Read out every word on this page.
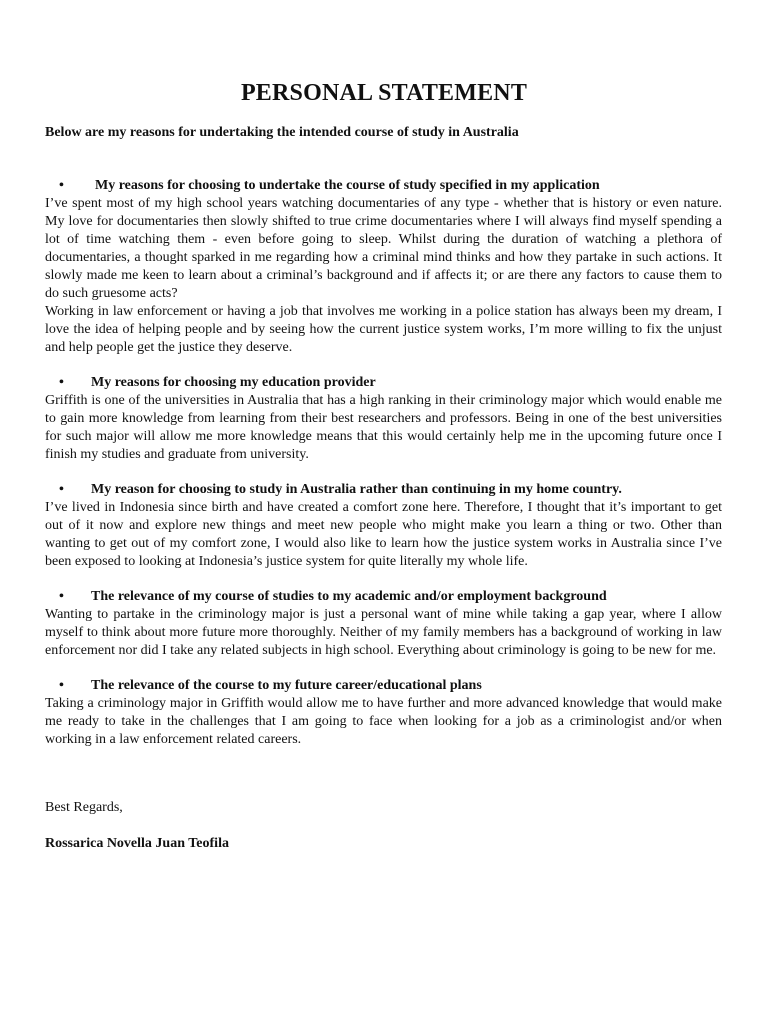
PERSONAL STATEMENT
Below are my reasons for undertaking the intended course of study in Australia
•	My reasons for choosing to undertake the course of study specified in my application
I’ve spent most of my high school years watching documentaries of any type - whether that is history or even nature. My love for documentaries then slowly shifted to true crime documentaries where I will always find myself spending a lot of time watching them - even before going to sleep. Whilst during the duration of watching a plethora of documentaries, a thought sparked in me regarding how a criminal mind thinks and how they partake in such actions. It slowly made me keen to learn about a criminal’s background and if affects it; or are there any factors to cause them to do such gruesome acts?
Working in law enforcement or having a job that involves me working in a police station has always been my dream, I love the idea of helping people and by seeing how the current justice system works, I’m more willing to fix the unjust and help people get the justice they deserve.
•	My reasons for choosing my education provider
Griffith is one of the universities in Australia that has a high ranking in their criminology major which would enable me to gain more knowledge from learning from their best researchers and professors. Being in one of the best universities for such major will allow me more knowledge means that this would certainly help me in the upcoming future once I finish my studies and graduate from university.
•	My reason for choosing to study in Australia rather than continuing in my home country.
I’ve lived in Indonesia since birth and have created a comfort zone here. Therefore, I thought that it’s important to get out of it now and explore new things and meet new people who might make you learn a thing or two. Other than wanting to get out of my comfort zone, I would also like to learn how the justice system works in Australia since I’ve been exposed to looking at Indonesia’s justice system for quite literally my whole life.
•	The relevance of my course of studies to my academic and/or employment background
Wanting to partake in the criminology major is just a personal want of mine while taking a gap year, where I allow myself to think about more future more thoroughly. Neither of my family members has a background of working in law enforcement nor did I take any related subjects in high school. Everything about criminology is going to be new for me.
•	The relevance of the course to my future career/educational plans
Taking a criminology major in Griffith would allow me to have further and more advanced knowledge that would make me ready to take in the challenges that I am going to face when looking for a job as a criminologist and/or when working in a law enforcement related careers.
Best Regards,
Rossarica Novella Juan Teofila
